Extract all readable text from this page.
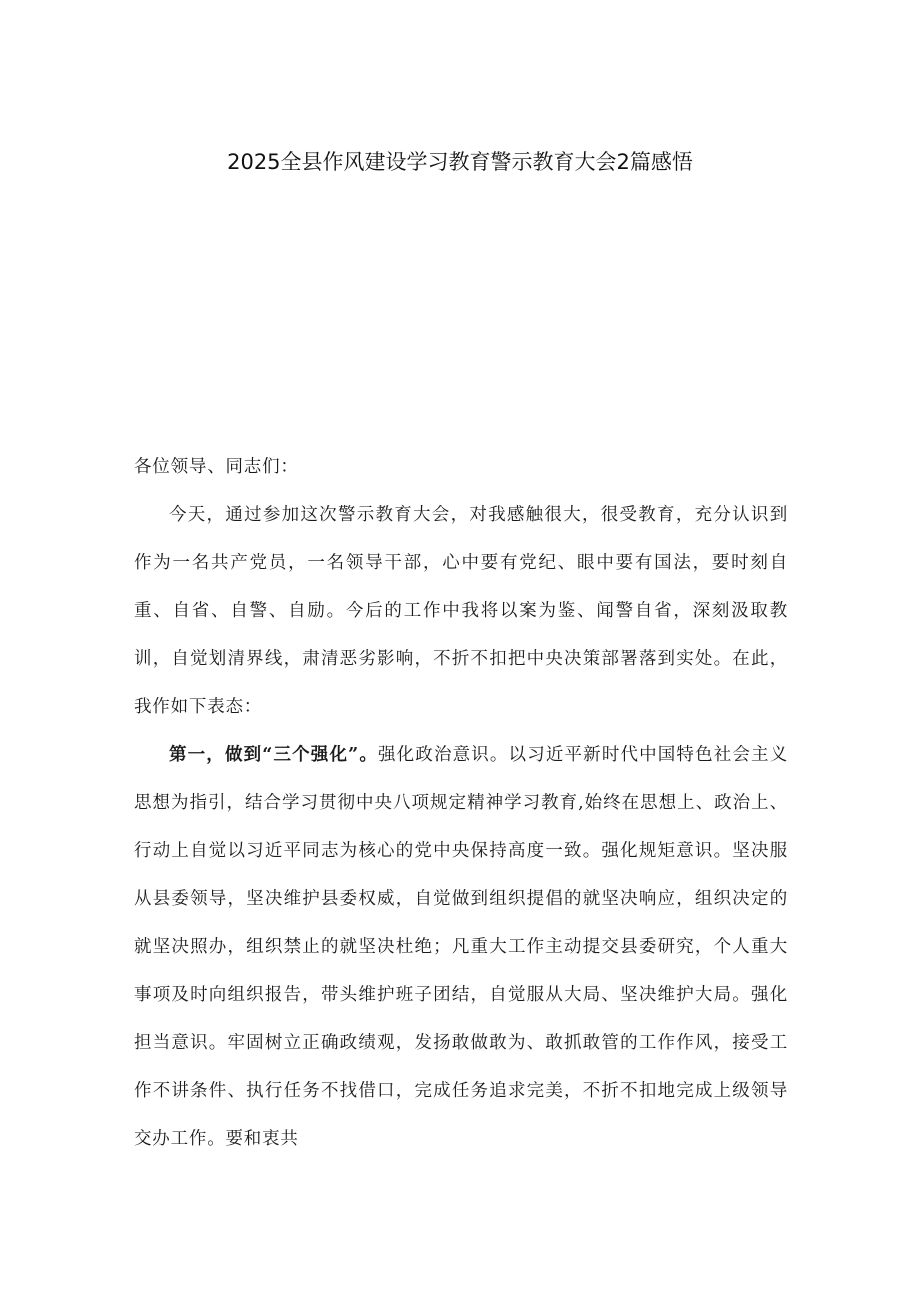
2025全县作风建设学习教育警示教育大会2篇感悟

各位领导、同志们：

今天，通过参加这次警示教育大会，对我感触很大，很受教育，充分认识到作为一名共产党员，一名领导干部，心中要有党纪、眼中要有国法，要时刻自重、自省、自警、自励。今后的工作中我将以案为鉴、闻警自省，深刻汲取教训，自觉划清界线，肃清恶劣影响，不折不扣把中央决策部署落到实处。在此，我作如下表态：

第一，做到“三个强化”。强化政治意识。以习近平新时代中国特色社会主义思想为指引，结合学习贯彻中央八项规定精神学习教育,始终在思想上、政治上、行动上自觉以习近平同志为核心的党中央保持高度一致。强化规矩意识。坚决服从县委领导，坚决维护县委权威，自觉做到组织提倡的就坚决响应，组织决定的就坚决照办，组织禁止的就坚决杜绝；凡重大工作主动提交县委研究，个人重大事项及时向组织报告，带头维护班子团结，自觉服从大局、坚决维护大局。强化担当意识。牢固树立正确政绩观，发扬敢做敢为、敢抓敢管的工作作风，接受工作不讲条件、执行任务不找借口，完成任务追求完美，不折不扣地完成上级领导交办工作。要和衷共
